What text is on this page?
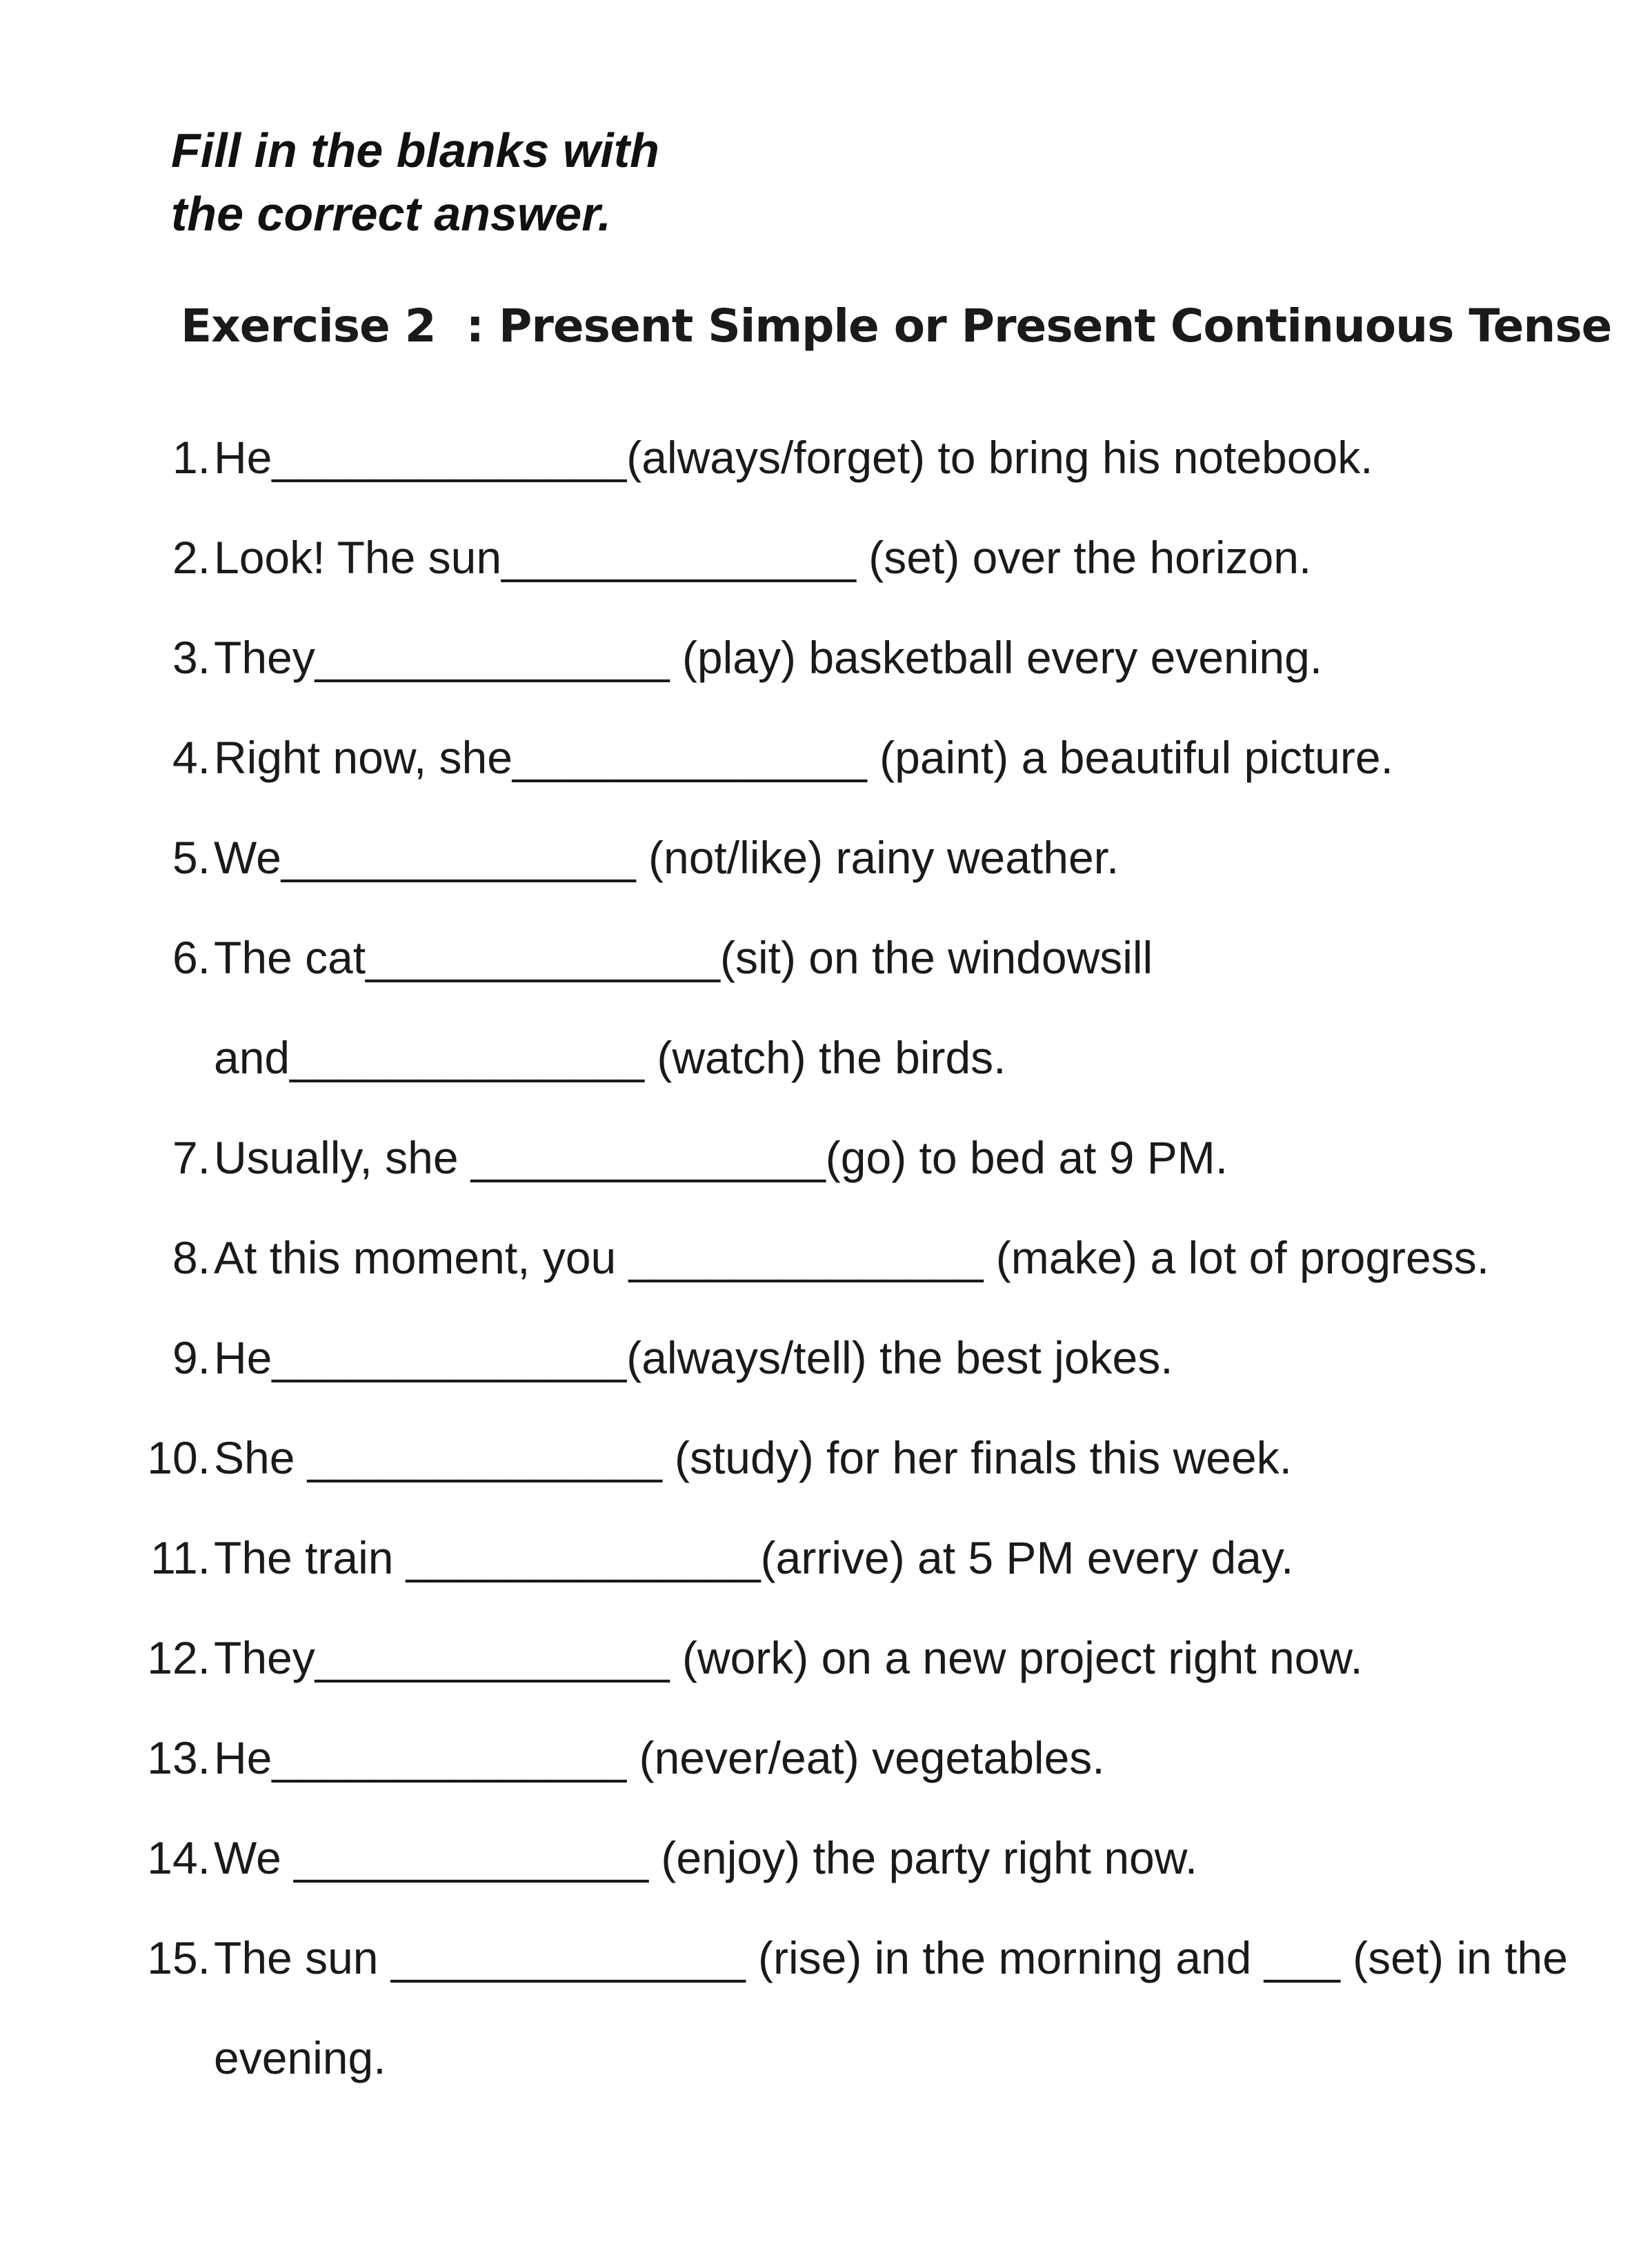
Fill in the blanks with
the correct answer.
Exercise 2  : Present Simple or Present Continuous Tense
1. He______________(always/forget) to bring his notebook.
2. Look! The sun______________ (set) over the horizon.
3. They______________ (play) basketball every evening.
4. Right now, she______________ (paint) a beautiful picture.
5. We______________ (not/like) rainy weather.
6. The cat______________(sit) on the windowsill and______________ (watch) the birds.
7. Usually, she ______________(go) to bed at 9 PM.
8. At this moment, you ______________ (make) a lot of progress.
9. He______________(always/tell) the best jokes.
10. She ______________ (study) for her finals this week.
11. The train ______________(arrive) at 5 PM every day.
12. They______________ (work) on a new project right now.
13. He______________ (never/eat) vegetables.
14. We ______________ (enjoy) the party right now.
15. The sun ______________ (rise) in the morning and ___ (set) in the evening.
